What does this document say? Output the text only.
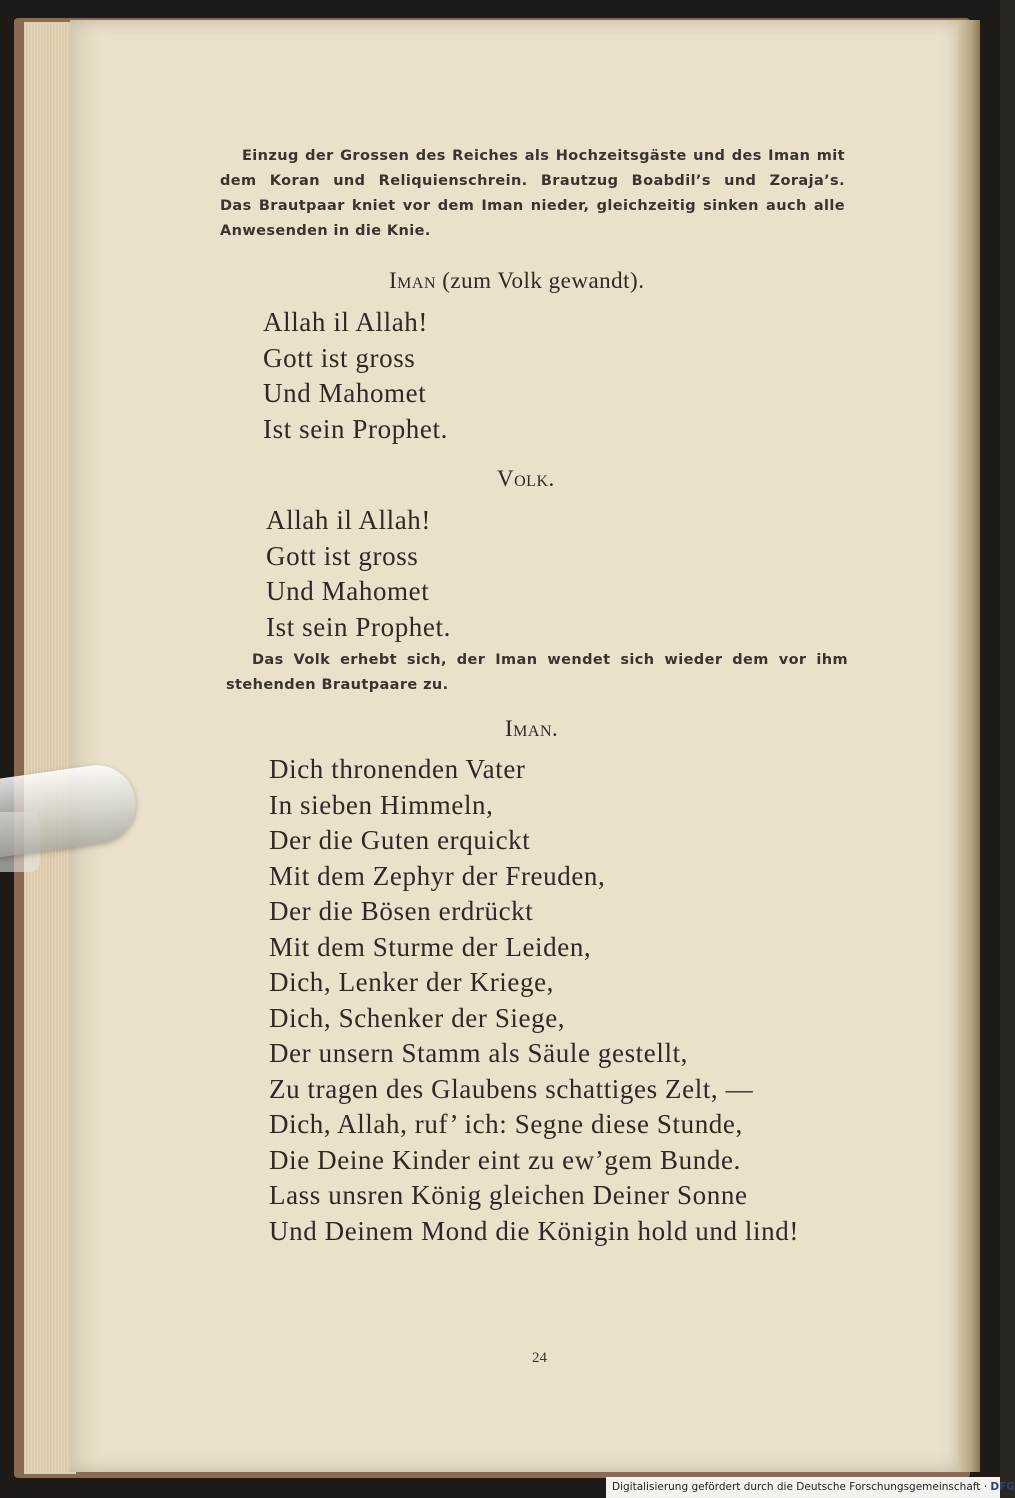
Einzug der Grossen des Reiches als Hochzeitsgäste und des Iman mit
dem Koran und Reliquienschrein. Brautzug Boabdil’s und Zoraja’s.
Das Brautpaar kniet vor dem Iman nieder, gleichzeitig sinken auch alle
Anwesenden in die Knie.
Iman (zum Volk gewandt).
Allah il Allah!
Gott ist gross
Und Mahomet
Ist sein Prophet.
Volk.
Allah il Allah!
Gott ist gross
Und Mahomet
Ist sein Prophet.
Das Volk erhebt sich, der Iman wendet sich wieder dem vor ihm
stehenden Brautpaare zu.
Iman.
Dich thronenden Vater
In sieben Himmeln,
Der die Guten erquickt
Mit dem Zephyr der Freuden,
Der die Bösen erdrückt
Mit dem Sturme der Leiden,
Dich, Lenker der Kriege,
Dich, Schenker der Siege,
Der unsern Stamm als Säule gestellt,
Zu tragen des Glaubens schattiges Zelt, —
Dich, Allah, ruf’ ich: Segne diese Stunde,
Die Deine Kinder eint zu ew’gem Bunde.
Lass unsren König gleichen Deiner Sonne
Und Deinem Mond die Königin hold und lind!
24
Digitalisierung gefördert durch die Deutsche Forschungsgemeinschaft · DFG
